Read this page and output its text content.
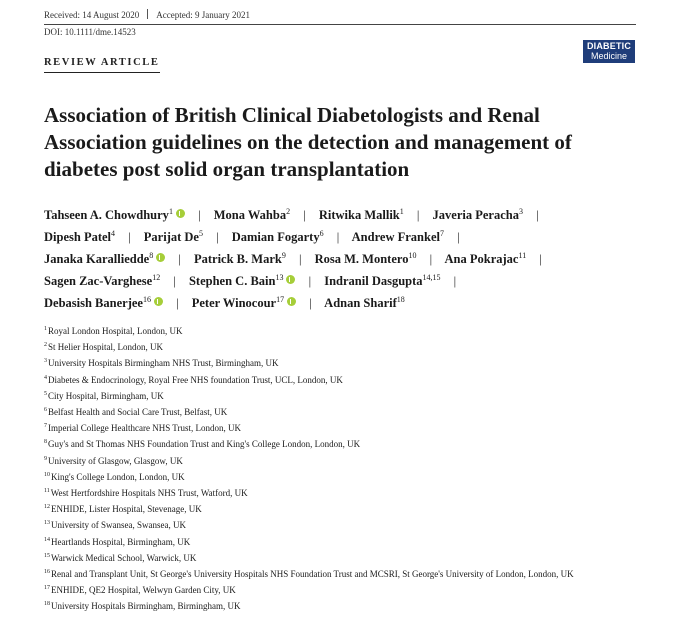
Received: 14 August 2020 Accepted: 9 January 2021
DOI: 10.1111/dme.14523
DIABETIC
Medicine
REVIEW ARTICLE
Association of British Clinical Diabetologists and Renal
Association guidelines on the detection and management of
diabetes post solid organ transplantation
Tahseen A. Chowdhury$^1$ | Mona Wahba$^2$ | Ritwika Mallik$^1$ | Javeria Peracha$^3$ |
Dipesh Patel$^4$ | Parijat De$^5$ | Damian Fogarty$^6$ | Andrew Frankel$^7$ |
Janaka Karalliedde$^8$ | Patrick B. Mark$^9$ | Rosa M. Montero$^{10}$ | Ana Pokrajac$^{11}$ |
Sagen Zac-Varghese$^{12}$ | Stephen C. Bain$^{13}$ | Indranil Dasgupta$^{14,15}$ |
Debasish Banerjee$^{16}$ | Peter Winocour$^{17}$ | Adnan Sharif$^{18}$
$^1$Royal London Hospital, London, UK
$^2$St Helier Hospital, London, UK
$^3$University Hospitals Birmingham NHS Trust, Birmingham, UK
$^4$Diabetes & Endocrinology, Royal Free NHS foundation Trust, UCL, London, UK
$^5$City Hospital, Birmingham, UK
$^6$Belfast Health and Social Care Trust, Belfast, UK
$^7$Imperial College Healthcare NHS Trust, London, UK
$^8$Guy's and St Thomas NHS Foundation Trust and King's College London, London, UK
$^9$University of Glasgow, Glasgow, UK
$^{10}$King's College London, London, UK
$^{11}$West Hertfordshire Hospitals NHS Trust, Watford, UK
$^{12}$ENHIDE, Lister Hospital, Stevenage, UK
$^{13}$University of Swansea, Swansea, UK
$^{14}$Heartlands Hospital, Birmingham, UK
$^{15}$Warwick Medical School, Warwick, UK
$^{16}$Renal and Transplant Unit, St George's University Hospitals NHS Foundation Trust and MCSRI, St George's University of London, London, UK
$^{17}$ENHIDE, QE2 Hospital, Welwyn Garden City, UK
$^{18}$University Hospitals Birmingham, Birmingham, UK
